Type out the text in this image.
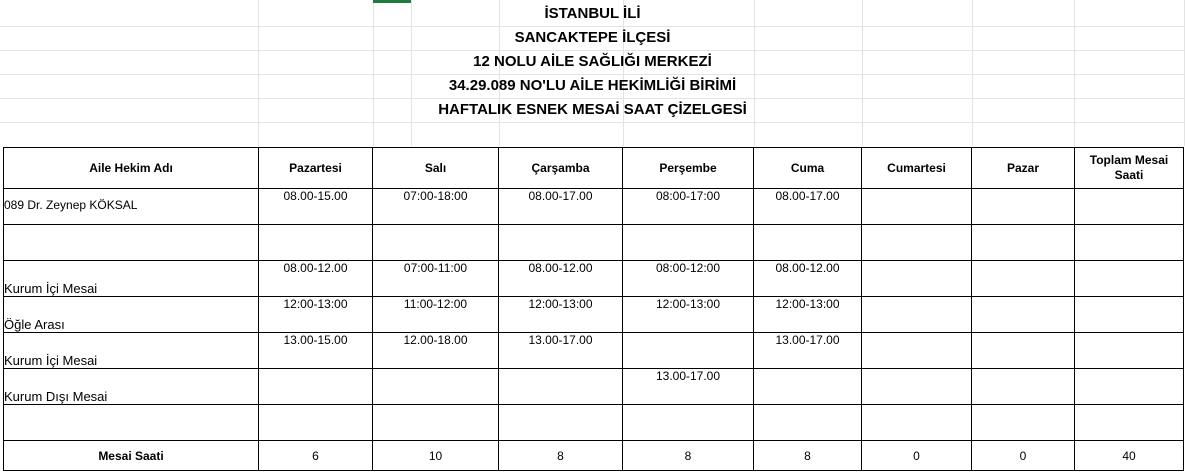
İSTANBUL İLİ
SANCAKTEPE İLÇESİ
12 NOLU AİLE SAĞLIĞI MERKEZİ
34.29.089 NO'LU AİLE HEKİMLİĞİ BİRİMİ
HAFTALIK ESNEK MESAİ SAAT ÇİZELGESİ
Aile Hekim Adı	Pazartesi	Salı	Çarşamba	Perşembe	Cuma	Cumartesi	Pazar	Toplam Mesai Saati
089 Dr. Zeynep KÖKSAL	08.00-15.00	07:00-18:00	08.00-17.00	08:00-17:00	08.00-17.00			

Kurum İçi Mesai	08.00-12.00	07:00-11:00	08.00-12.00	08:00-12:00	08.00-12.00			
Öğle Arası	12:00-13:00	11:00-12:00	12:00-13:00	12:00-13:00	12:00-13:00			
Kurum İçi Mesai	13.00-15.00	12.00-18.00	13.00-17.00		13.00-17.00			
Kurum Dışı Mesai				13.00-17.00				

Mesai Saati	6	10	8	8	8	0	0	40
